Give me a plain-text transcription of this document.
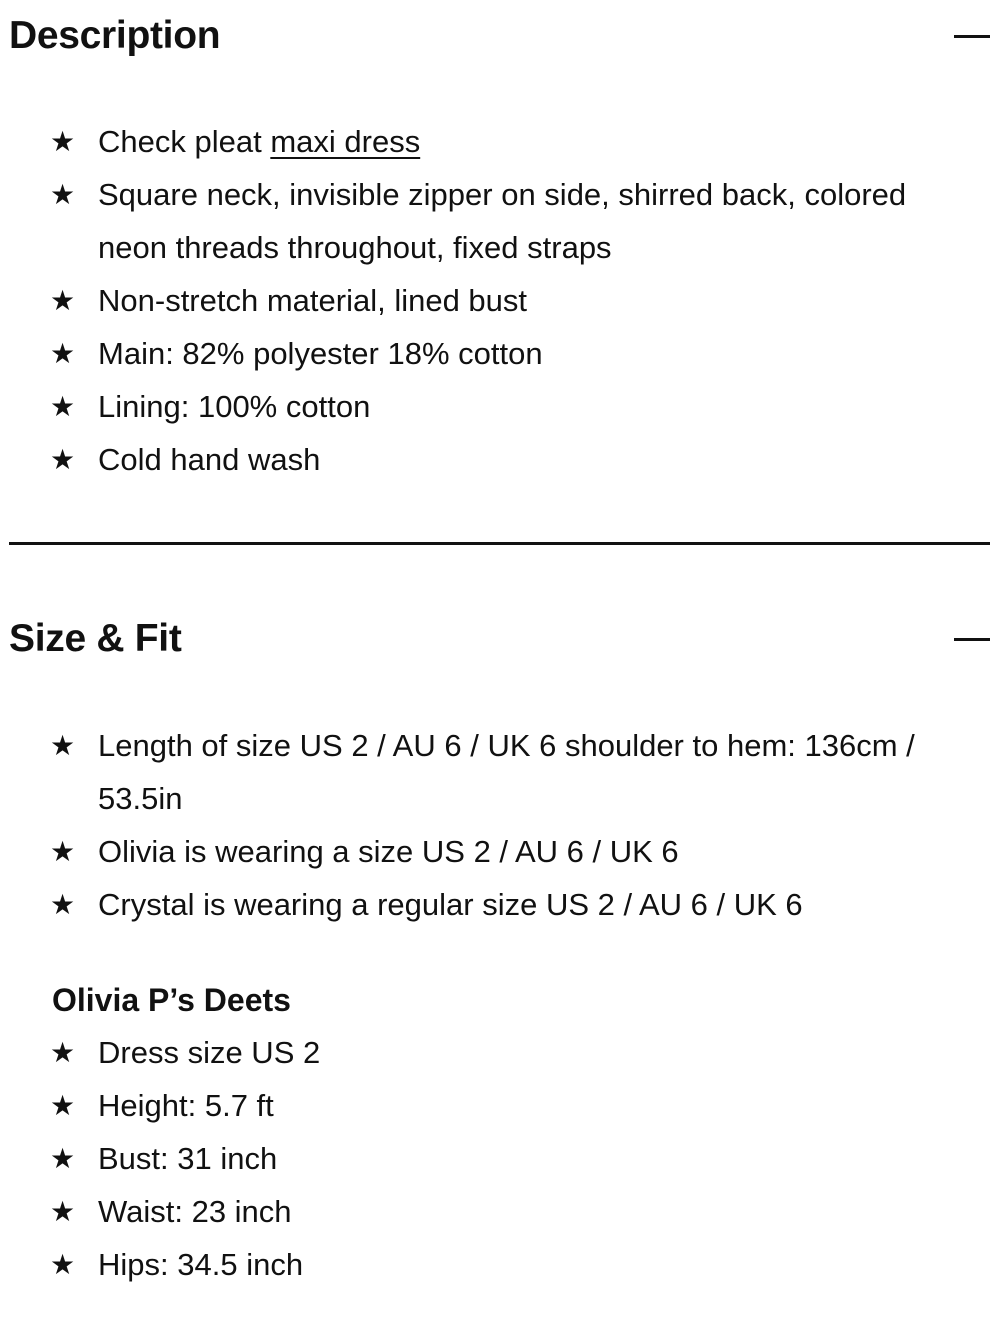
Description
★ Check pleat maxi dress
★ Square neck, invisible zipper on side, shirred back, colored neon threads throughout, fixed straps
★ Non-stretch material, lined bust
★ Main: 82% polyester 18% cotton
★ Lining: 100% cotton
★ Cold hand wash
Size & Fit
★ Length of size US 2 / AU 6 / UK 6 shoulder to hem: 136cm / 53.5in
★ Olivia is wearing a size US 2 / AU 6 / UK 6
★ Crystal is wearing a regular size US 2 / AU 6 / UK 6
Olivia P’s Deets
★ Dress size US 2
★ Height: 5.7 ft
★ Bust: 31 inch
★ Waist: 23 inch
★ Hips: 34.5 inch
